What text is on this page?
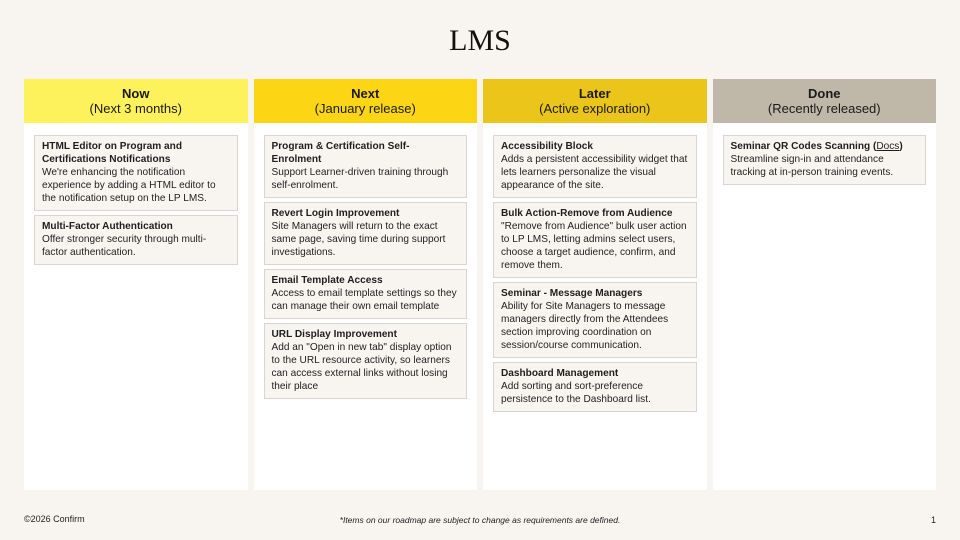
LMS
Now
(Next 3 months)
HTML Editor on Program and Certifications Notifications
We're enhancing the notification experience by adding a HTML editor to the notification setup on the LP LMS.
Multi-Factor Authentication
Offer stronger security through multi-factor authentication.
Next
(January release)
Program & Certification Self-Enrolment
Support Learner-driven training through self-enrolment.
Revert Login Improvement
Site Managers will return to the exact same page, saving time during support investigations.
Email Template Access
Access to email template settings so they can manage their own email template
URL Display Improvement
Add an "Open in new tab" display option to the URL resource activity, so learners can access external links without losing their place
Later
(Active exploration)
Accessibility Block
Adds a persistent accessibility widget that lets learners personalize the visual appearance of the site.
Bulk Action-Remove from Audience
"Remove from Audience" bulk user action to LP LMS, letting admins select users, choose a target audience, confirm, and remove them.
Seminar - Message Managers
Ability for Site Managers to message managers directly from the Attendees section improving coordination on session/course communication.
Dashboard Management
Add sorting and sort-preference persistence to the Dashboard list.
Done
(Recently released)
Seminar QR Codes Scanning (Docs)
Streamline sign-in and attendance tracking at in-person training events.
©2026 Confirm	*Items on our roadmap are subject to change as requirements are defined.	1
